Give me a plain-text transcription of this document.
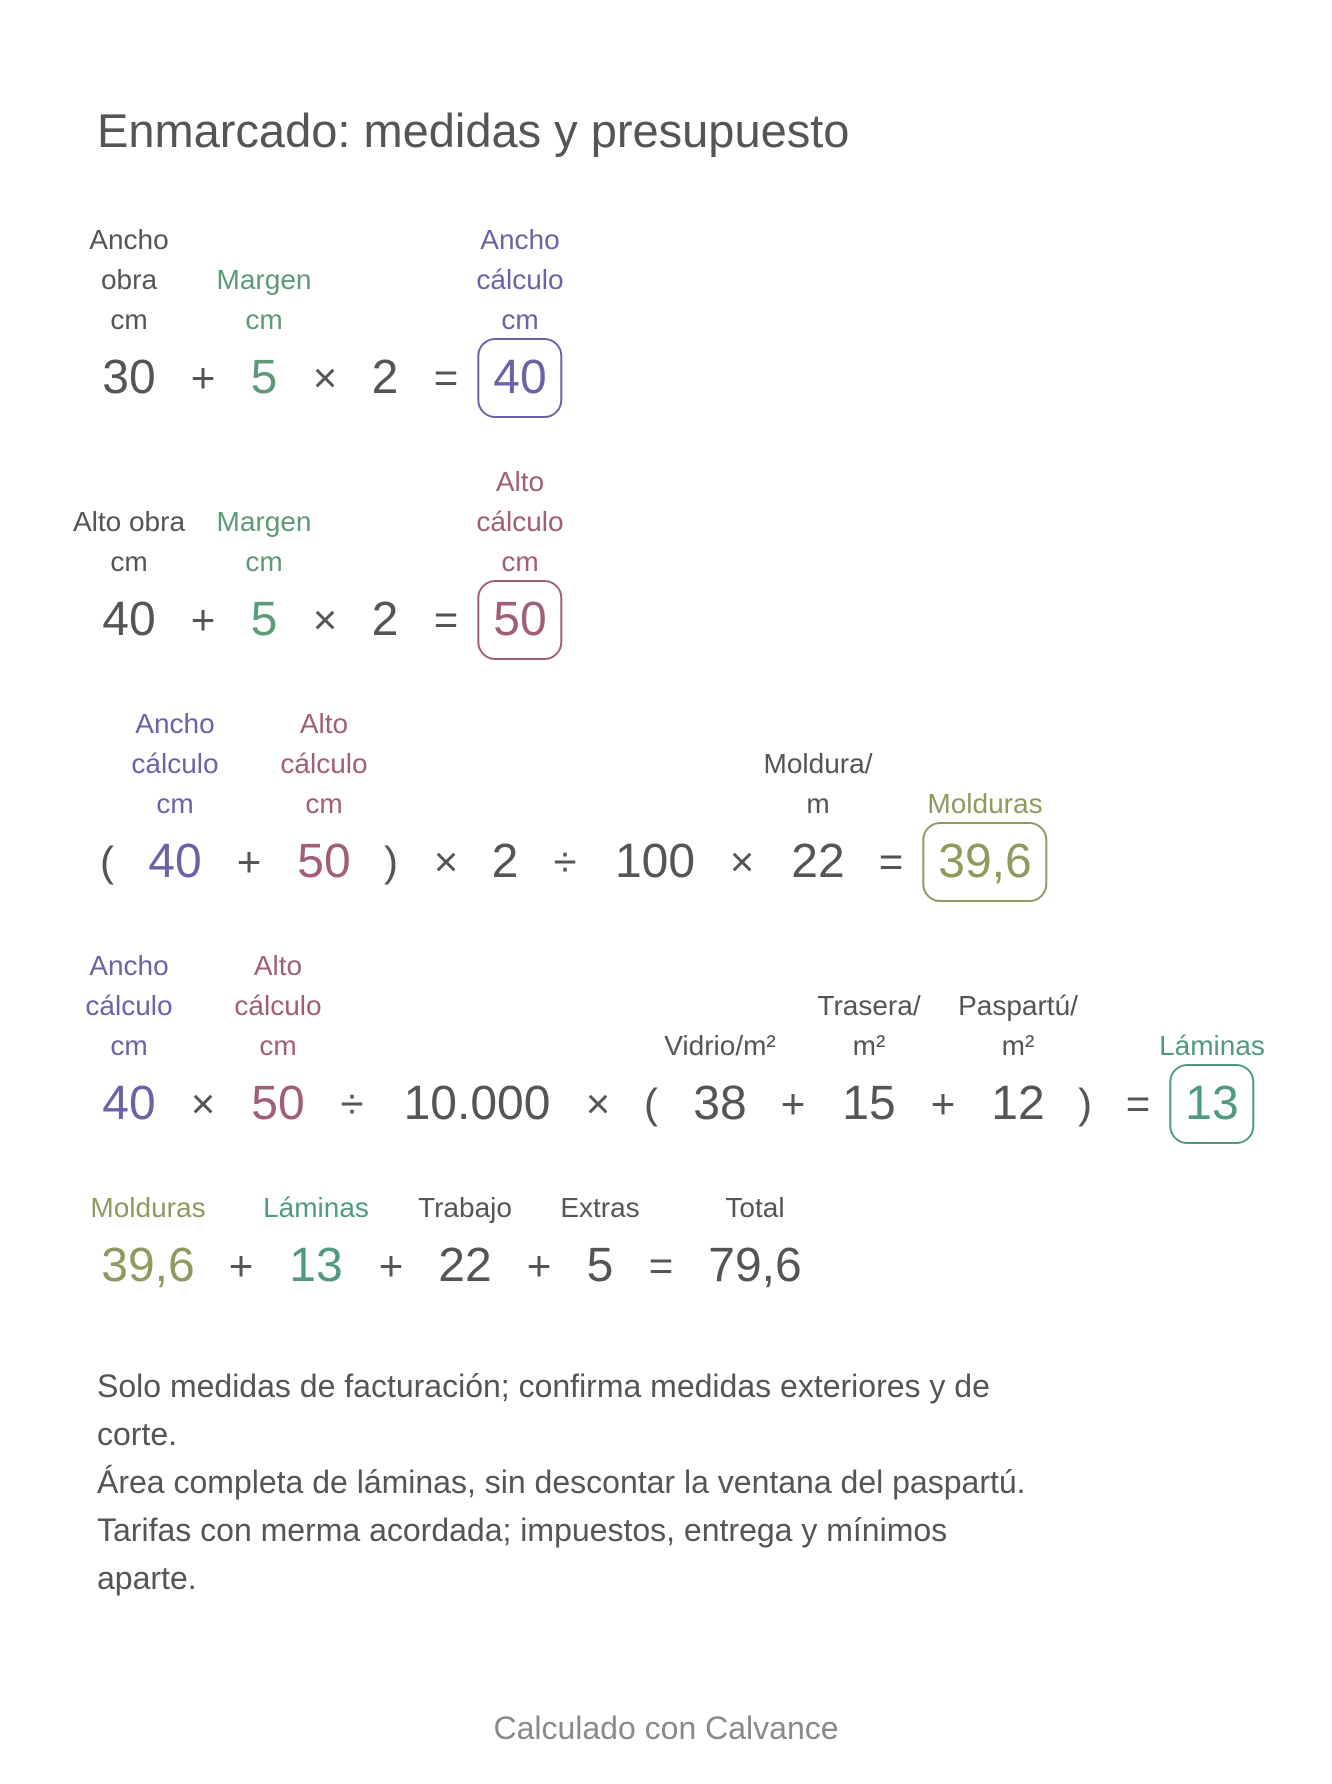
Enmarcado: medidas y presupuesto
Ancho
obra
cm
Margen
cm
Ancho
cálculo
cm
30 + 5 × 2 = 40
Alto obra
cm
Margen
cm
Alto
cálculo
cm
40 + 5 × 2 = 50
Ancho
cálculo
cm
Alto
cálculo
cm
Moldura/
m	Molduras
( 40 + 50 ) × 2 ÷ 100 × 22 = 39,6
Ancho
cálculo
cm
Alto
cálculo
cm	Vidrio/m²
Trasera/
m²
Paspartú/
m²	Láminas
40 × 50 ÷ 10.000 × ( 38 + 15 + 12 ) = 13
Molduras Láminas Trabajo Extras	Total
39,6 + 13 + 22 + 5 = 79,6

Solo medidas de facturación; confirma medidas exteriores y de corte.

Área completa de láminas, sin descontar la ventana del paspartú.

Tarifas con merma acordada; impuestos, entrega y mínimos aparte.

Calculado con Calvance
